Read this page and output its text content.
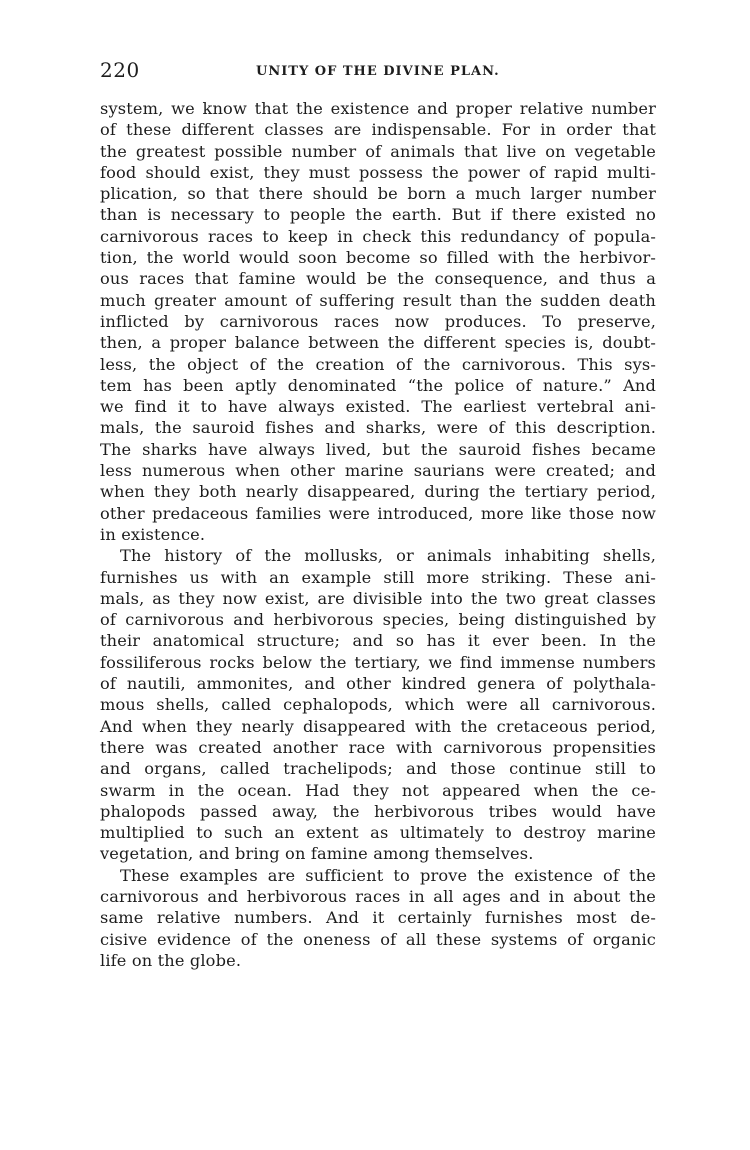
220	UNITY OF THE DIVINE PLAN.
system, we know that the existence and proper relative number
of these different classes are indispensable. For in order that
the greatest possible number of animals that live on vegetable
food should exist, they must possess the power of rapid multi-
plication, so that there should be born a much larger number
than is necessary to people the earth. But if there existed no
carnivorous races to keep in check this redundancy of popula-
tion, the world would soon become so filled with the herbivor-
ous races that famine would be the consequence, and thus a
much greater amount of suffering result than the sudden death
inflicted by carnivorous races now produces. To preserve,
then, a proper balance between the different species is, doubt-
less, the object of the creation of the carnivorous. This sys-
tem has been aptly denominated “the police of nature.” And
we find it to have always existed. The earliest vertebral ani-
mals, the sauroid fishes and sharks, were of this description.
The sharks have always lived, but the sauroid fishes became
less numerous when other marine saurians were created; and
when they both nearly disappeared, during the tertiary period,
other predaceous families were introduced, more like those now
in existence.
The history of the mollusks, or animals inhabiting shells,
furnishes us with an example still more striking. These ani-
mals, as they now exist, are divisible into the two great classes
of carnivorous and herbivorous species, being distinguished by
their anatomical structure; and so has it ever been. In the
fossiliferous rocks below the tertiary, we find immense numbers
of nautili, ammonites, and other kindred genera of polythala-
mous shells, called cephalopods, which were all carnivorous.
And when they nearly disappeared with the cretaceous period,
there was created another race with carnivorous propensities
and organs, called trachelipods; and those continue still to
swarm in the ocean. Had they not appeared when the ce-
phalopods passed away, the herbivorous tribes would have
multiplied to such an extent as ultimately to destroy marine
vegetation, and bring on famine among themselves.
These examples are sufficient to prove the existence of the
carnivorous and herbivorous races in all ages and in about the
same relative numbers. And it certainly furnishes most de-
cisive evidence of the oneness of all these systems of organic
life on the globe.
